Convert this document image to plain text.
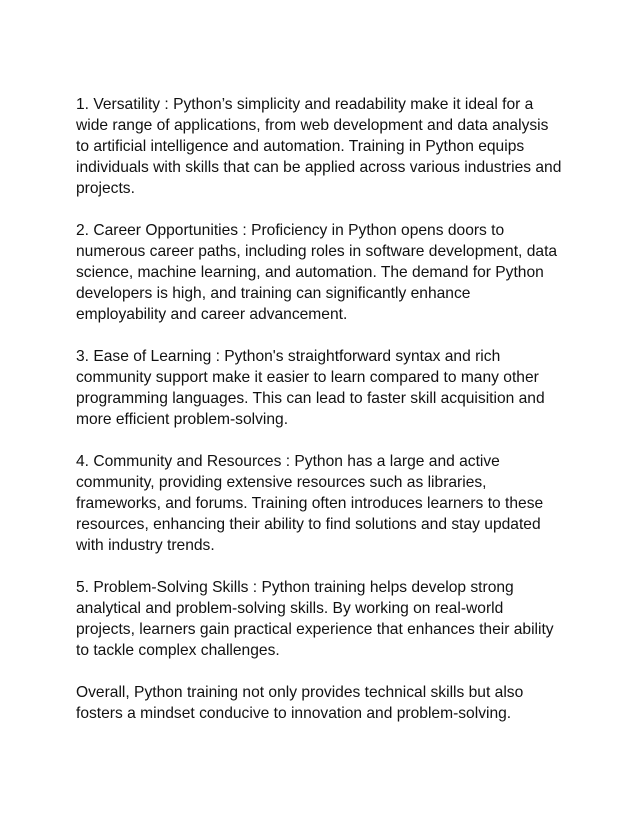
1. Versatility : Python’s simplicity and readability make it ideal for a
wide range of applications, from web development and data analysis
to artificial intelligence and automation. Training in Python equips
individuals with skills that can be applied across various industries and
projects.

2. Career Opportunities : Proficiency in Python opens doors to
numerous career paths, including roles in software development, data
science, machine learning, and automation. The demand for Python
developers is high, and training can significantly enhance
employability and career advancement.

3. Ease of Learning : Python's straightforward syntax and rich
community support make it easier to learn compared to many other
programming languages. This can lead to faster skill acquisition and
more efficient problem-solving.

4. Community and Resources : Python has a large and active
community, providing extensive resources such as libraries,
frameworks, and forums. Training often introduces learners to these
resources, enhancing their ability to find solutions and stay updated
with industry trends.

5. Problem-Solving Skills : Python training helps develop strong
analytical and problem-solving skills. By working on real-world
projects, learners gain practical experience that enhances their ability
to tackle complex challenges.

Overall, Python training not only provides technical skills but also
fosters a mindset conducive to innovation and problem-solving.
